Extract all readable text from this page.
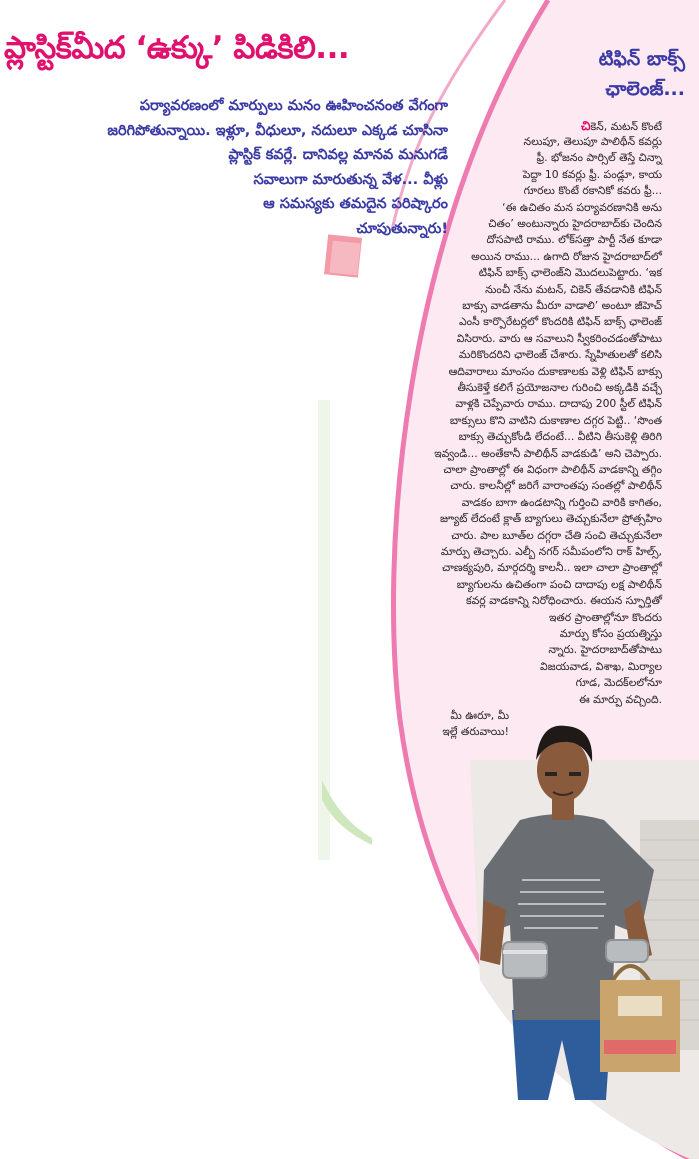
ప్లాస్టిక్‌మీద ‘ఉక్కు’ పిడికిలి...
పర్యావరణంలో మార్పులు మనం ఊహించనంత వేగంగా
జరిగిపోతున్నాయి. ఇళ్లూ, వీధులూ, నదులూ ఎక్కడ చూసినా
ప్లాస్టిక్ కవర్లే. దానివల్ల మానవ మనుగడే
సవాలుగా మారుతున్న వేళ... వీళ్లు
ఆ సమస్యకు తమదైన పరిష్కారం
చూపుతున్నారు!
టిఫిన్ బాక్స్
ఛాలెంజ్...
చికెన్, మటన్ కొంటే
నలుపూ, తెలుపూ పాలిథీన్ కవర్లు
ఫ్రీ. భోజనం పార్సిల్ తెస్తే చిన్నా
పెద్దా 10 కవర్లు ఫ్రీ. పండ్లూ, కాయ
గూరలు కొంటే రకానికో కవరు ఫ్రీ...
‘ఈ ఉచితం మన పర్యావరణానికి అను
చితం’ అంటున్నారు హైదరాబాద్‌కు చెందిన
దోసపాటి రాము. లోక్‌సత్తా పార్టీ నేత కూడా
అయిన రాము... ఉగాది రోజున హైదరాబాద్‌లో
టిఫిన్ బాక్స్ ఛాలెంజ్‌ని మొదలుపెట్టారు. ‘ఇక
నుంచీ నేను మటన్, చికెన్ తేవడానికి టిఫిన్
బాక్సు వాడతాను మీరూ వాడాలి’ అంటూ జీహెచ్
ఎంసీ కార్పొరేటర్లలో కొందరికి టిఫిన్ బాక్స్ ఛాలెంజ్
విసిరారు. వారు ఆ సవాలుని స్వీకరించడంతోపాటు
మరికొందరిని ఛాలెంజ్ చేశారు. స్నేహితులతో కలిసి
ఆదివారాలు మాంసం దుకాణాలకు వెళ్లి టిఫిన్ బాక్సు
తీసుకెళ్తే కలిగే ప్రయోజనాల గురించి అక్కడికి వచ్చే
వాళ్లకి చెప్పేవారు రాము. దాదాపు 200 స్టీల్ టిఫిన్
బాక్సులు కొని వాటిని దుకాణాల దగ్గర పెట్టి.. ‘సొంత
బాక్సు తెచ్చుకోండి లేదంటే... వీటిని తీసుకెళ్లి తిరిగి
ఇవ్వండి... అంతేకానీ పాలిథీన్ వాడకుడి’ అని చెప్పారు.
చాలా ప్రాంతాల్లో ఈ విధంగా పాలిథీన్ వాడకాన్ని తగ్గిం
చారు. కాలనీల్లో జరిగే వారాంతపు సంతల్లో పాలిథీన్
వాడకం బాగా ఉండటాన్ని గుర్తించి వారికి కాగితం,
జ్యూట్ లేదంటే క్లాత్ బ్యాగులు తెచ్చుకునేలా ప్రోత్సహిం
చారు. పాల బూత్‌ల దగ్గరా చేతి సంచి తెచ్చుకునేలా
మార్పు తెచ్చారు. ఎల్బీ నగర్ సమీపంలోని రాక్ హిల్స్,
చాణక్యపురి, మార్గదర్శి కాలనీ.. ఇలా చాలా ప్రాంతాల్లో
బ్యాగులను ఉచితంగా పంచి దాదాపు లక్ష పాలిథీన్
కవర్ల వాడకాన్ని నిరోధించారు. ఈయన స్ఫూర్తితో
ఇతర ప్రాంతాల్లోనూ కొందరు
మార్పు కోసం ప్రయత్నిస్తు
న్నారు. హైదరాబాద్‌తోపాటు
విజయవాడ, విశాఖ, మిర్యాల
గూడ, మెదక్‌లలోనూ
ఈ మార్పు వచ్చింది.
మీ ఊరూ, మీ
ఇల్లే తరువాయి!
